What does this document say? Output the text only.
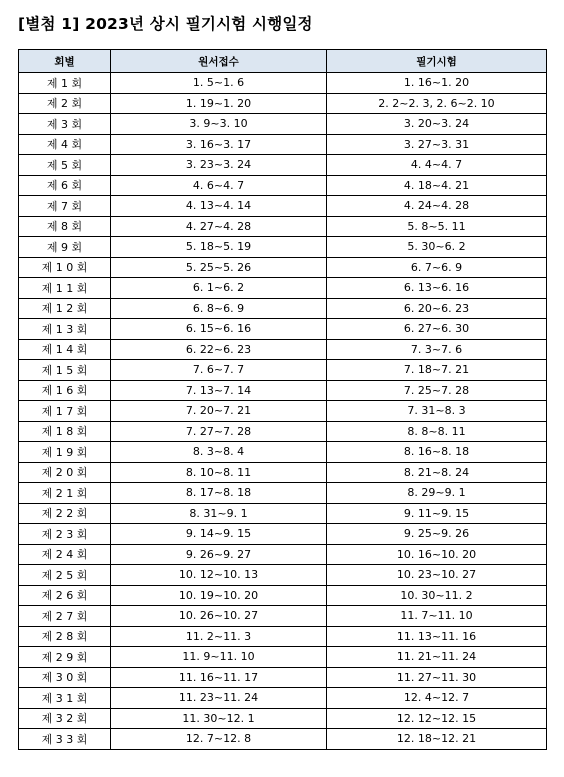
[별첨 1] 2023년 상시 필기시험 시행일정
회별	원서접수	필기시험
제 1 회	1. 5~1. 6	1. 16~1. 20
제 2 회	1. 19~1. 20	2. 2~2. 3, 2. 6~2. 10
제 3 회	3. 9~3. 10	3. 20~3. 24
제 4 회	3. 16~3. 17	3. 27~3. 31
제 5 회	3. 23~3. 24	4. 4~4. 7
제 6 회	4. 6~4. 7	4. 18~4. 21
제 7 회	4. 13~4. 14	4. 24~4. 28
제 8 회	4. 27~4. 28	5. 8~5. 11
제 9 회	5. 18~5. 19	5. 30~6. 2
제 1 0 회	5. 25~5. 26	6. 7~6. 9
제 1 1 회	6. 1~6. 2	6. 13~6. 16
제 1 2 회	6. 8~6. 9	6. 20~6. 23
제 1 3 회	6. 15~6. 16	6. 27~6. 30
제 1 4 회	6. 22~6. 23	7. 3~7. 6
제 1 5 회	7. 6~7. 7	7. 18~7. 21
제 1 6 회	7. 13~7. 14	7. 25~7. 28
제 1 7 회	7. 20~7. 21	7. 31~8. 3
제 1 8 회	7. 27~7. 28	8. 8~8. 11
제 1 9 회	8. 3~8. 4	8. 16~8. 18
제 2 0 회	8. 10~8. 11	8. 21~8. 24
제 2 1 회	8. 17~8. 18	8. 29~9. 1
제 2 2 회	8. 31~9. 1	9. 11~9. 15
제 2 3 회	9. 14~9. 15	9. 25~9. 26
제 2 4 회	9. 26~9. 27	10. 16~10. 20
제 2 5 회	10. 12~10. 13	10. 23~10. 27
제 2 6 회	10. 19~10. 20	10. 30~11. 2
제 2 7 회	10. 26~10. 27	11. 7~11. 10
제 2 8 회	11. 2~11. 3	11. 13~11. 16
제 2 9 회	11. 9~11. 10	11. 21~11. 24
제 3 0 회	11. 16~11. 17	11. 27~11. 30
제 3 1 회	11. 23~11. 24	12. 4~12. 7
제 3 2 회	11. 30~12. 1	12. 12~12. 15
제 3 3 회	12. 7~12. 8	12. 18~12. 21
